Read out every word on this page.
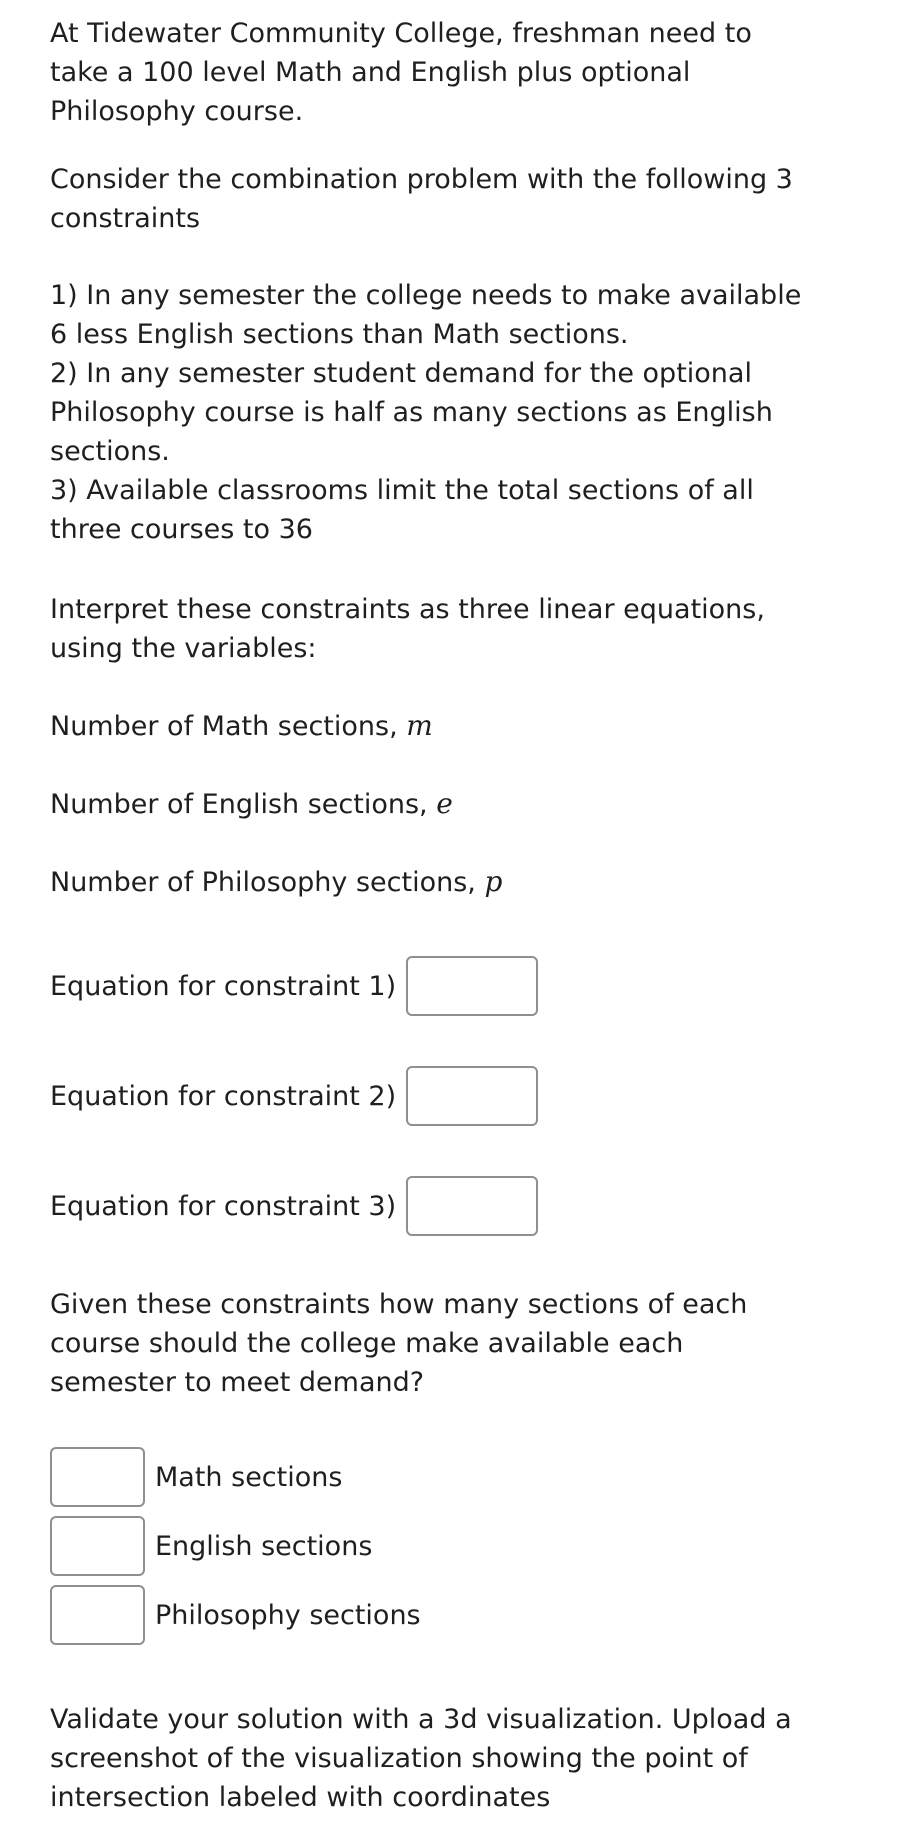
At Tidewater Community College, freshman need to

take a 100 level Math and English plus optional

Philosophy course.

Consider the combination problem with the following 3

constraints

1) In any semester the college needs to make available

6 less English sections than Math sections.

2) In any semester student demand for the optional

Philosophy course is half as many sections as English

sections.

3) Available classrooms limit the total sections of all

three courses to 36

Interpret these constraints as three linear equations,

using the variables:

Number of Math sections, m

Number of English sections, e

Number of Philosophy sections, p

Equation for constraint 1)
Equation for constraint 2)
Equation for constraint 3)

Given these constraints how many sections of each

course should the college make available each

semester to meet demand?

Math sections
English sections
Philosophy sections

Validate your solution with a 3d visualization. Upload a

screenshot of the visualization showing the point of

intersection labeled with coordinates
